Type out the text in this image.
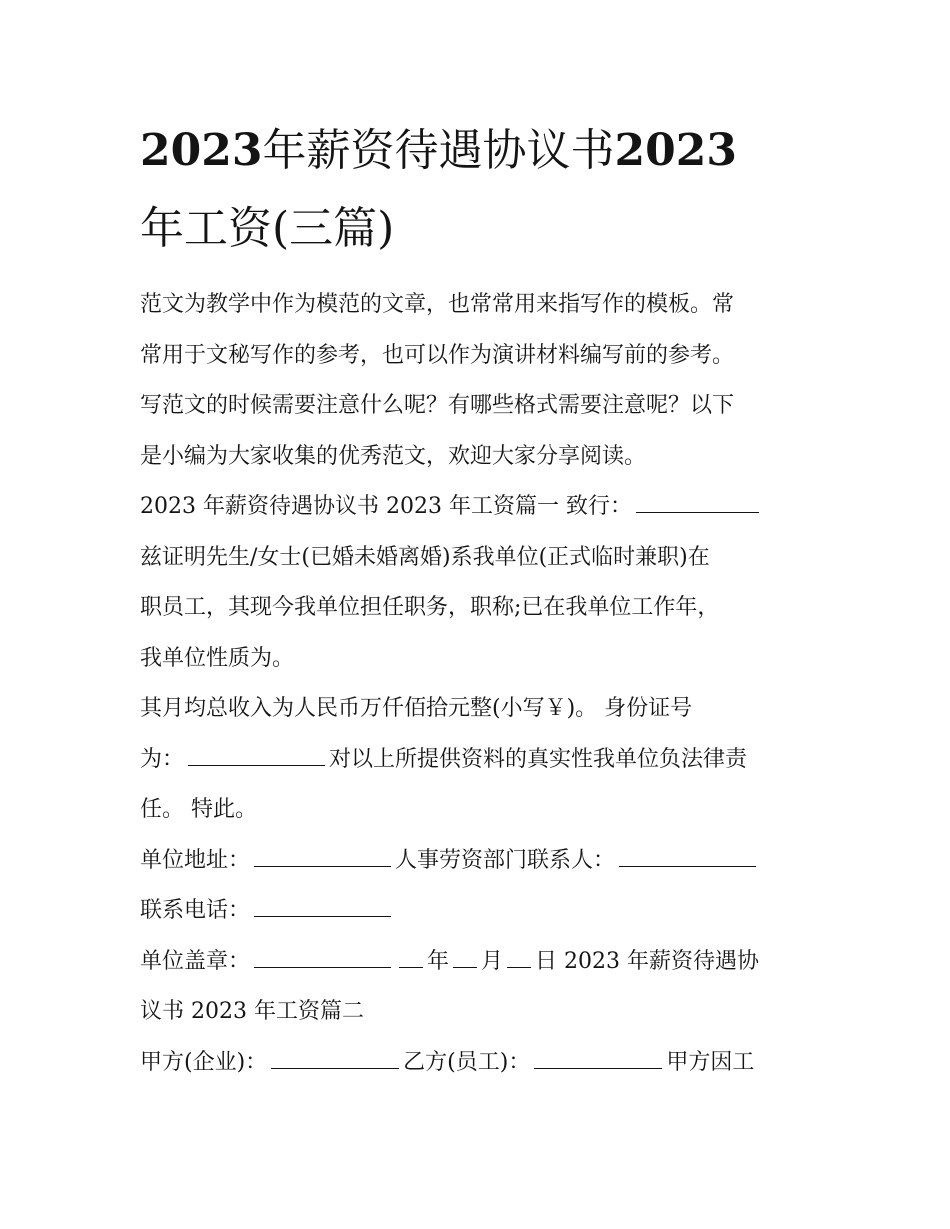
2023年薪资待遇协议书2023
年工资(三篇)

范文为教学中作为模范的文章，也常常用来指写作的模板。常

常用于文秘写作的参考，也可以作为演讲材料编写前的参考。

写范文的时候需要注意什么呢？有哪些格式需要注意呢？以下

是小编为大家收集的优秀范文，欢迎大家分享阅读。

2023 年薪资待遇协议书 2023 年工资篇一 致行：

兹证明先生/女士(已婚未婚离婚)系我单位(正式临时兼职)在

职员工，其现今我单位担任职务，职称;已在我单位工作年，

我单位性质为。

其月均总收入为人民币万仟佰拾元整(小写￥)。 身份证号

为：	对以上所提供资料的真实性我单位负法律责

任。 特此。

单位地址：	人事劳资部门联系人：

联系电话：

单位盖章：	年 月 日 2023 年薪资待遇协

议书 2023 年工资篇二

甲方(企业)：	乙方(员工)：	甲方因工
